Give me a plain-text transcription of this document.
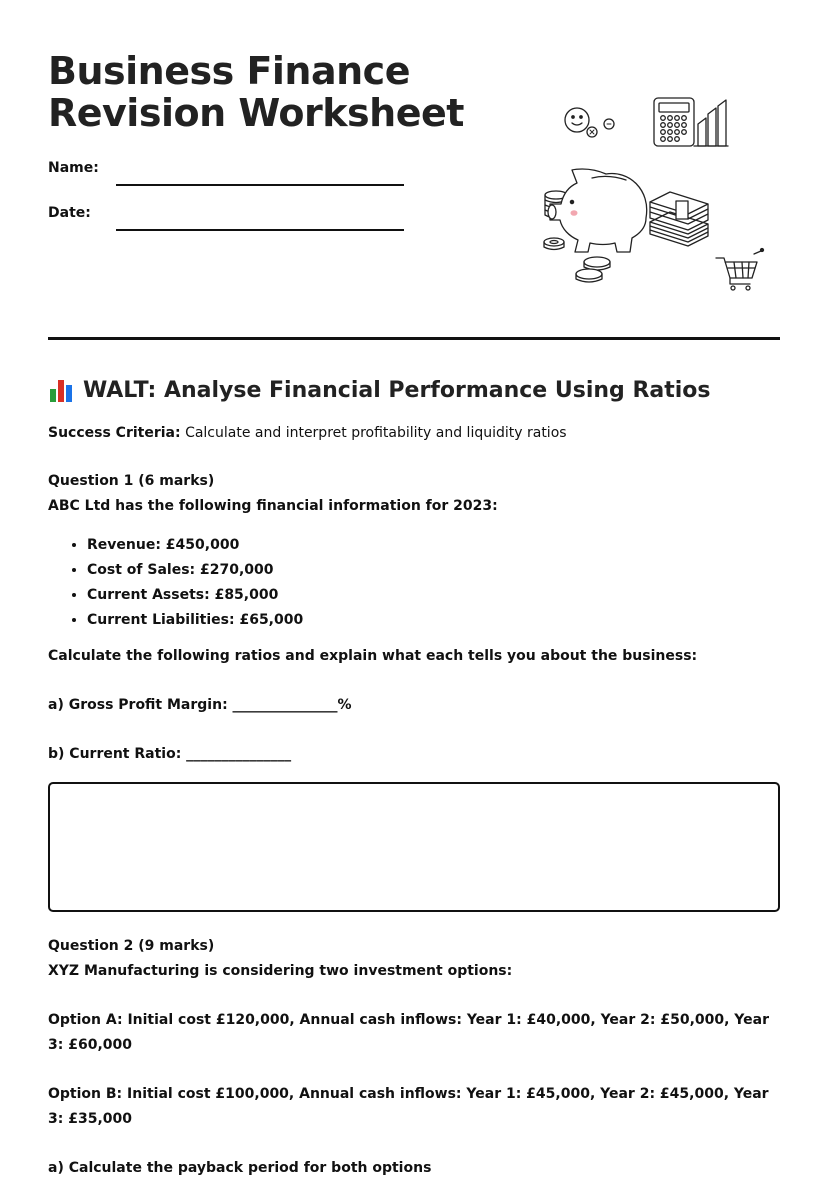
Business Finance
Revision Worksheet
Name:
Date:
WALT: Analyse Financial Performance Using Ratios
Success Criteria: Calculate and interpret profitability and liquidity ratios

Question 1 (6 marks)

ABC Ltd has the following financial information for 2023:

• Revenue: £450,000
• Cost of Sales: £270,000
• Current Assets: £85,000
• Current Liabilities: £65,000
Calculate the following ratios and explain what each tells you about the business:
a) Gross Profit Margin: _______________%
b) Current Ratio: _______________

Question 2 (9 marks)

XYZ Manufacturing is considering two investment options:

Option A: Initial cost £120,000, Annual cash inflows: Year 1: £40,000, Year 2: £50,000, Year 3: £60,000

Option B: Initial cost £100,000, Annual cash inflows: Year 1: £45,000, Year 2: £45,000, Year 3: £35,000

a) Calculate the payback period for both options
